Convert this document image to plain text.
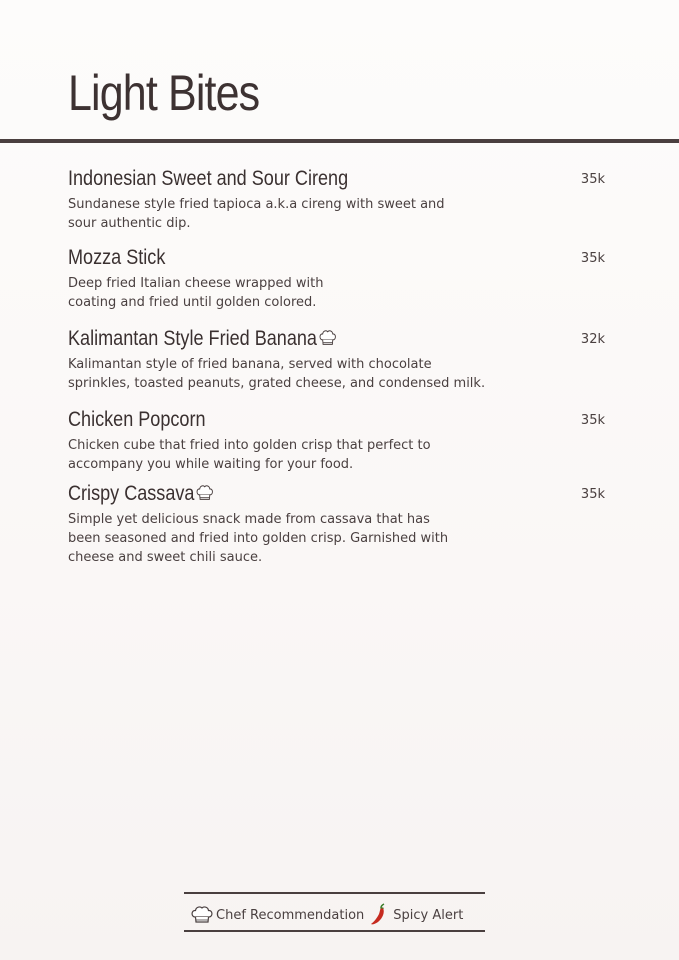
Light Bites
Indonesian Sweet and Sour Cireng	35k

Sundanese style fried tapioca a.k.a cireng with sweet and
sour authentic dip.

Mozza Stick	35k

Deep fried Italian cheese wrapped with
coating and fried until golden colored.

Kalimantan Style Fried Banana	32k

Kalimantan style of fried banana, served with chocolate
sprinkles, toasted peanuts, grated cheese, and condensed milk.

Chicken Popcorn	35k

Chicken cube that fried into golden crisp that perfect to
accompany you while waiting for your food.

Crispy Cassava	35k

Simple yet delicious snack made from cassava that has
been seasoned and fried into golden crisp. Garnished with
cheese and sweet chili sauce.

Chef Recommendation Spicy Alert
